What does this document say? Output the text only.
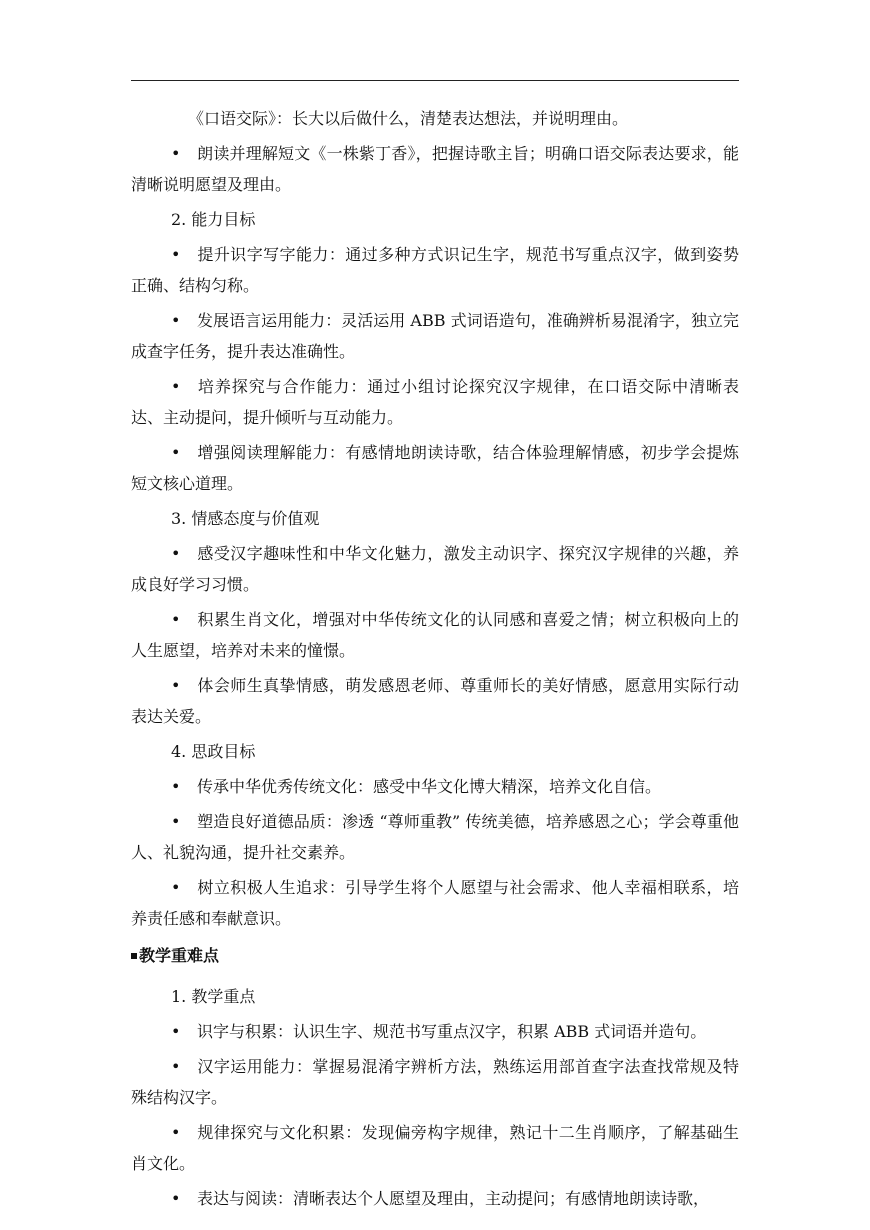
《口语交际》：长大以后做什么，清楚表达想法，并说明理由。

• 朗读并理解短文《一株紫丁香》，把握诗歌主旨；明确口语交际表达要求，能清晰说明愿望及理由。

2. 能力目标

• 提升识字写字能力：通过多种方式识记生字，规范书写重点汉字，做到姿势正确、结构匀称。

• 发展语言运用能力：灵活运用 ABB 式词语造句，准确辨析易混淆字，独立完成查字任务，提升表达准确性。

• 培养探究与合作能力：通过小组讨论探究汉字规律，在口语交际中清晰表达、主动提问，提升倾听与互动能力。

• 增强阅读理解能力：有感情地朗读诗歌，结合体验理解情感，初步学会提炼短文核心道理。

3. 情感态度与价值观

• 感受汉字趣味性和中华文化魅力，激发主动识字、探究汉字规律的兴趣，养成良好学习习惯。

• 积累生肖文化，增强对中华传统文化的认同感和喜爱之情；树立积极向上的人生愿望，培养对未来的憧憬。

• 体会师生真挚情感，萌发感恩老师、尊重师长的美好情感，愿意用实际行动表达关爱。

4. 思政目标

• 传承中华优秀传统文化：感受中华文化博大精深，培养文化自信。

• 塑造良好道德品质：渗透 “尊师重教” 传统美德，培养感恩之心；学会尊重他人、礼貌沟通，提升社交素养。

• 树立积极人生追求：引导学生将个人愿望与社会需求、他人幸福相联系，培养责任感和奉献意识。

教学重难点

1. 教学重点

• 识字与积累：认识生字、规范书写重点汉字，积累 ABB 式词语并造句。

• 汉字运用能力：掌握易混淆字辨析方法，熟练运用部首查字法查找常规及特殊结构汉字。

• 规律探究与文化积累：发现偏旁构字规律，熟记十二生肖顺序，了解基础生肖文化。

• 表达与阅读：清晰表达个人愿望及理由，主动提问；有感情地朗读诗歌，
